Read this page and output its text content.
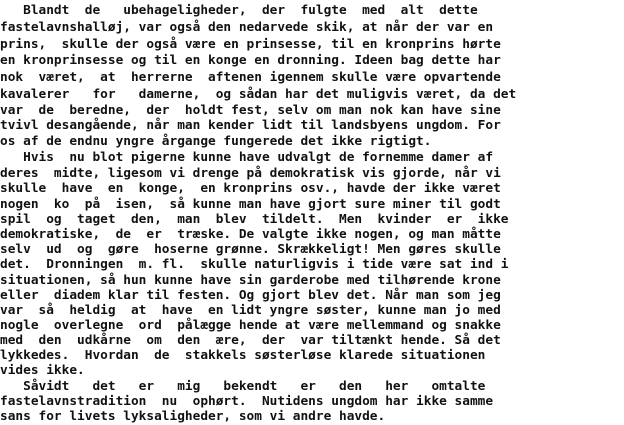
Blandt  de   ubehageligheder,  der  fulgte  med  alt  dette
fastelavnshalløj, var også den nedarvede skik, at når der var en
prins,  skulle der også være en prinsesse, til en kronprins hørte
en kronprinsesse og til en konge en dronning. Ideen bag dette har
nok  været,  at  herrerne  aftenen igennem skulle være opvartende
kavalerer   for   damerne,  og sådan har det muligvis været, da det
var  de  beredne,  der  holdt fest, selv om man nok kan have sine
tvivl desangående, når man kender lidt til landsbyens ungdom. For
os af de endnu yngre årgange fungerede det ikke rigtigt.
Hvis  nu blot pigerne kunne have udvalgt de fornemme damer af
deres  midte, ligesom vi drenge på demokratisk vis gjorde, når vi
skulle  have  en  konge,  en kronprins osv., havde der ikke været
nogen  ko  på  isen,  så kunne man have gjort sure miner til godt
spil  og  taget  den,  man  blev  tildelt.  Men  kvinder  er  ikke
demokratiske,  de  er  træske. De valgte ikke nogen, og man måtte
selv  ud  og  gøre  hoserne grønne. Skrækkeligt! Men gøres skulle
det.  Dronningen  m. fl.  skulle naturligvis i tide være sat ind i
situationen, så hun kunne have sin garderobe med tilhørende krone
eller  diadem klar til festen. Og gjort blev det. Når man som jeg
var  så  heldig  at  have  en lidt yngre søster, kunne man jo med
nogle  overlegne  ord  pålægge hende at være mellemmand og snakke
med  den  udkårne  om  den  ære,  der  var tiltænkt hende. Så det
lykkedes.  Hvordan  de  stakkels søsterløse klarede situationen
vides ikke.
Såvidt   det   er   mig   bekendt   er   den   her   omtalte
fastelavnstradition  nu  ophørt.  Nutidens ungdom har ikke samme
sans for livets lyksaligheder, som vi andre havde.
